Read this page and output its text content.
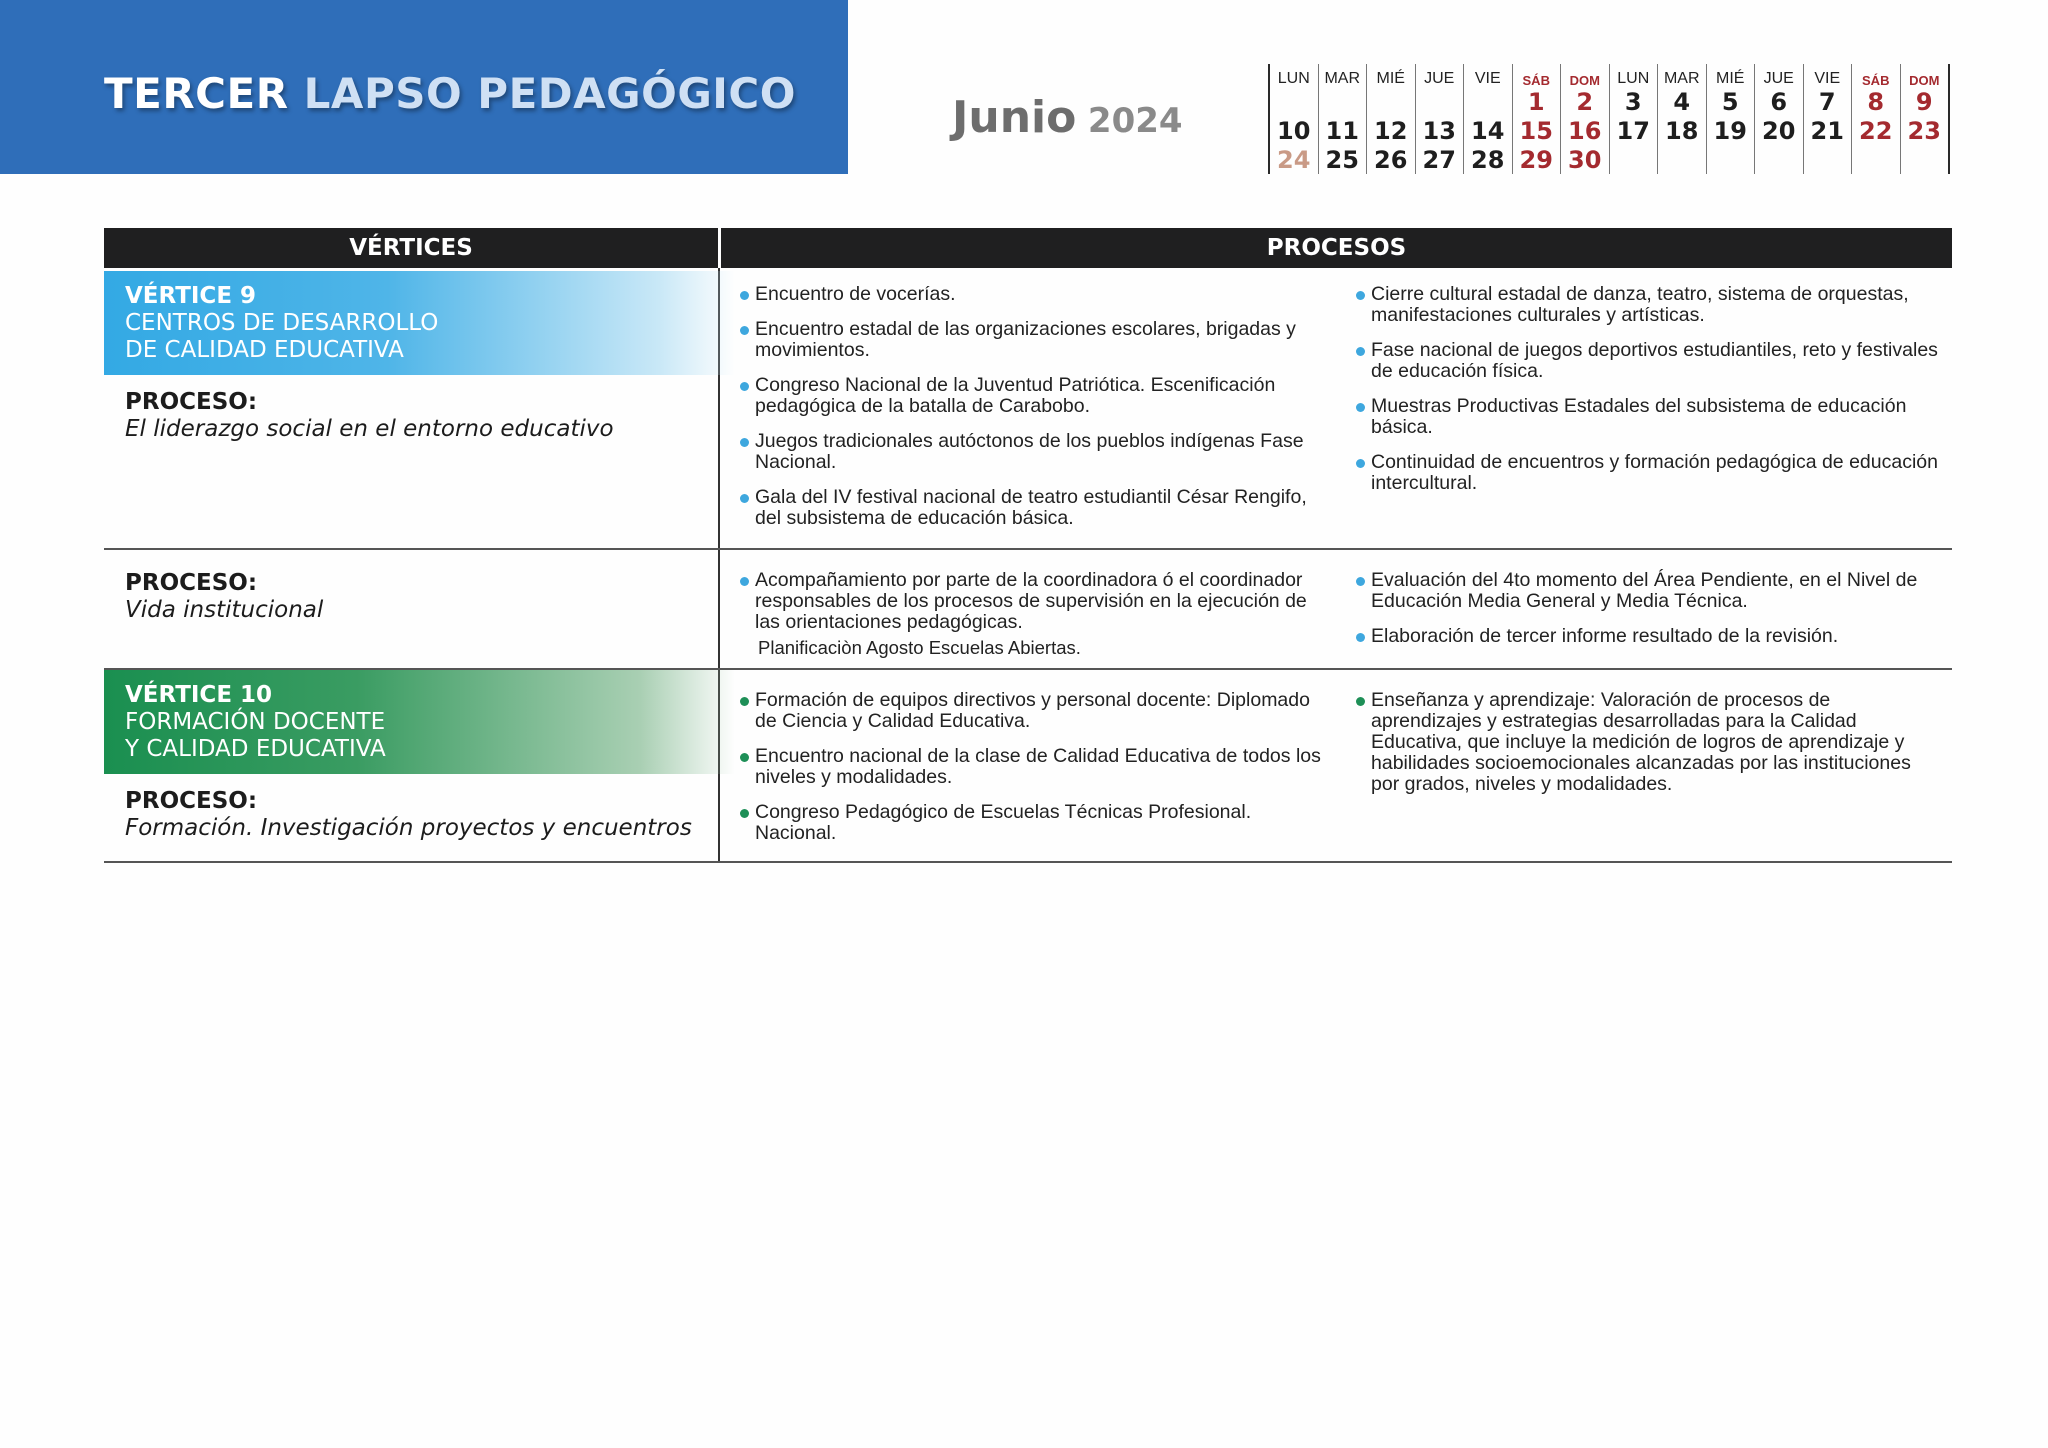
TERCER LAPSO PEDAGÓGICO	Junio 2024
LUN
10
24
MAR
11
25
MIÉ
12
26
JUE
13
27
VIE
14
28
SÁB
1
15
29
DOM
2
16
30
LUN
3
17
MAR
4
18
MIÉ
5
19
JUE
6
20
VIE
7
21
SÁB
8
22
DOM
9
23
VÉRTICES	PROCESOS
VÉRTICE 9
CENTROS DE DESARROLLO
DE CALIDAD EDUCATIVA
PROCESO:
El liderazgo social en el entorno educativo
Encuentro de vocerías.
Encuentro estadal de las organizaciones escolares, brigadas y movimientos.
Congreso Nacional de la Juventud Patriótica. Escenificación pedagógica de la batalla de Carabobo.
Juegos tradicionales autóctonos de los pueblos indígenas Fase Nacional.
Gala del IV festival nacional de teatro estudiantil César Rengifo, del subsistema de educación básica.
Cierre cultural estadal de danza, teatro, sistema de orquestas, manifestaciones culturales y artísticas.
Fase nacional de juegos deportivos estudiantiles, reto y festivales de educación física.
Muestras Productivas Estadales del subsistema de educación básica.
Continuidad de encuentros y formación pedagógica de educación intercultural.
PROCESO:
Vida institucional
Acompañamiento por parte de la coordinadora ó el coordinador responsables de los procesos de supervisión en la ejecución de las orientaciones pedagógicas.
Planificaciòn Agosto Escuelas Abiertas.
Evaluación del 4to momento del Área Pendiente, en el Nivel de Educación Media General y Media Técnica.
Elaboración de tercer informe resultado de la revisión.
VÉRTICE 10
FORMACIÓN DOCENTE
Y CALIDAD EDUCATIVA
PROCESO:
Formación. Investigación proyectos y encuentros
Formación de equipos directivos y personal docente: Diplomado de Ciencia y Calidad Educativa.
Encuentro nacional de la clase de Calidad Educativa de todos los niveles y modalidades.
Congreso Pedagógico de Escuelas Técnicas Profesional. Nacional.
Enseñanza y aprendizaje: Valoración de procesos de aprendizajes y estrategias desarrolladas para la Calidad Educativa, que incluye la medición de logros de aprendizaje y habilidades socioemocionales alcanzadas por las instituciones por grados, niveles y modalidades.
